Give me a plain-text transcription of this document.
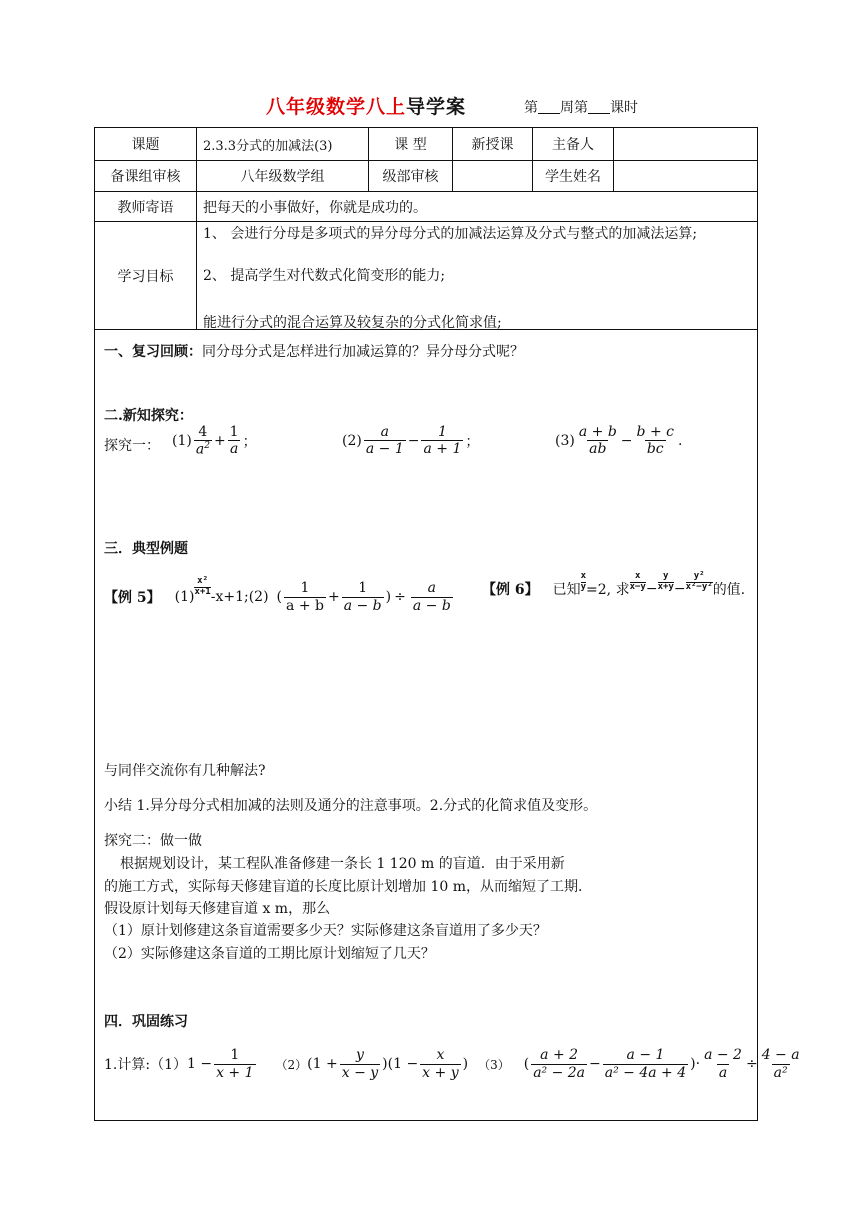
八年级数学八上导学案	第 周第 课时
课题	2.3.3分式的加减法(3)	课 型	新授课	主备人
备课组审核	八年级数学组	级部审核	学生姓名
教师寄语	把每天的小事做好，你就是成功的。
学习目标
1、 会进行分母是多项式的异分母分式的加减法运算及分式与整式的加减法运算;
2、 提高学生对代数式化简变形的能力;
能进行分式的混合运算及较复杂的分式化简求值;
一、复习回顾：同分母分式是怎样进行加减运算的？异分母分式呢？
二.新知探究：
探究一： $(1) \frac{4}{a^2} + \frac{1}{a}$ ；	$(2) \frac{a}{a - 1} - \frac{1}{a + 1}$ ；	$(3) \frac{a + b}{ab} - \frac{b + c}{bc}$ .
三．典型例题
【例 5】 (1)
x²
x+1 -x+1;(2) ( $\frac{1}{a + b} + \frac{1}{a - b}$ ) ÷ $\frac{a}{a - b}$ 【例 6】 已知 $\frac{x}{y} =2$, 求
x
$x-y - \frac{y}{x+y} - \frac{\text{y²}}{\text{x²−y²}}$ 的值.
与同伴交流你有几种解法?
小结 1.异分母分式相加减的法则及通分的注意事项。2.分式的化简求值及变形。
探究二：做一做
根据规划设计，某工程队准备修建一条长 1 120 m 的盲道．由于采用新
的施工方式，实际每天修建盲道的长度比原计划增加 10 m，从而缩短了工期.
假设原计划每天修建盲道 x m，那么
（1）原计划修建这条盲道需要多少天？实际修建这条盲道用了多少天？
（2）实际修建这条盲道的工期比原计划缩短了几天？
四．巩固练习
1.计算:（1） $1 - \frac{1}{x + 1} (2) (1 + \frac{y}{x - y} )(1 - \frac{x}{x + y}$ ) （3） ( $\frac{a + 2}{\text{a² − 2a}} - \frac{a - 1}{\text{a² − 4a + 4}}$ )· $\frac{a - 2}{a} \div \frac{4 - a}{\text{a²}}$
